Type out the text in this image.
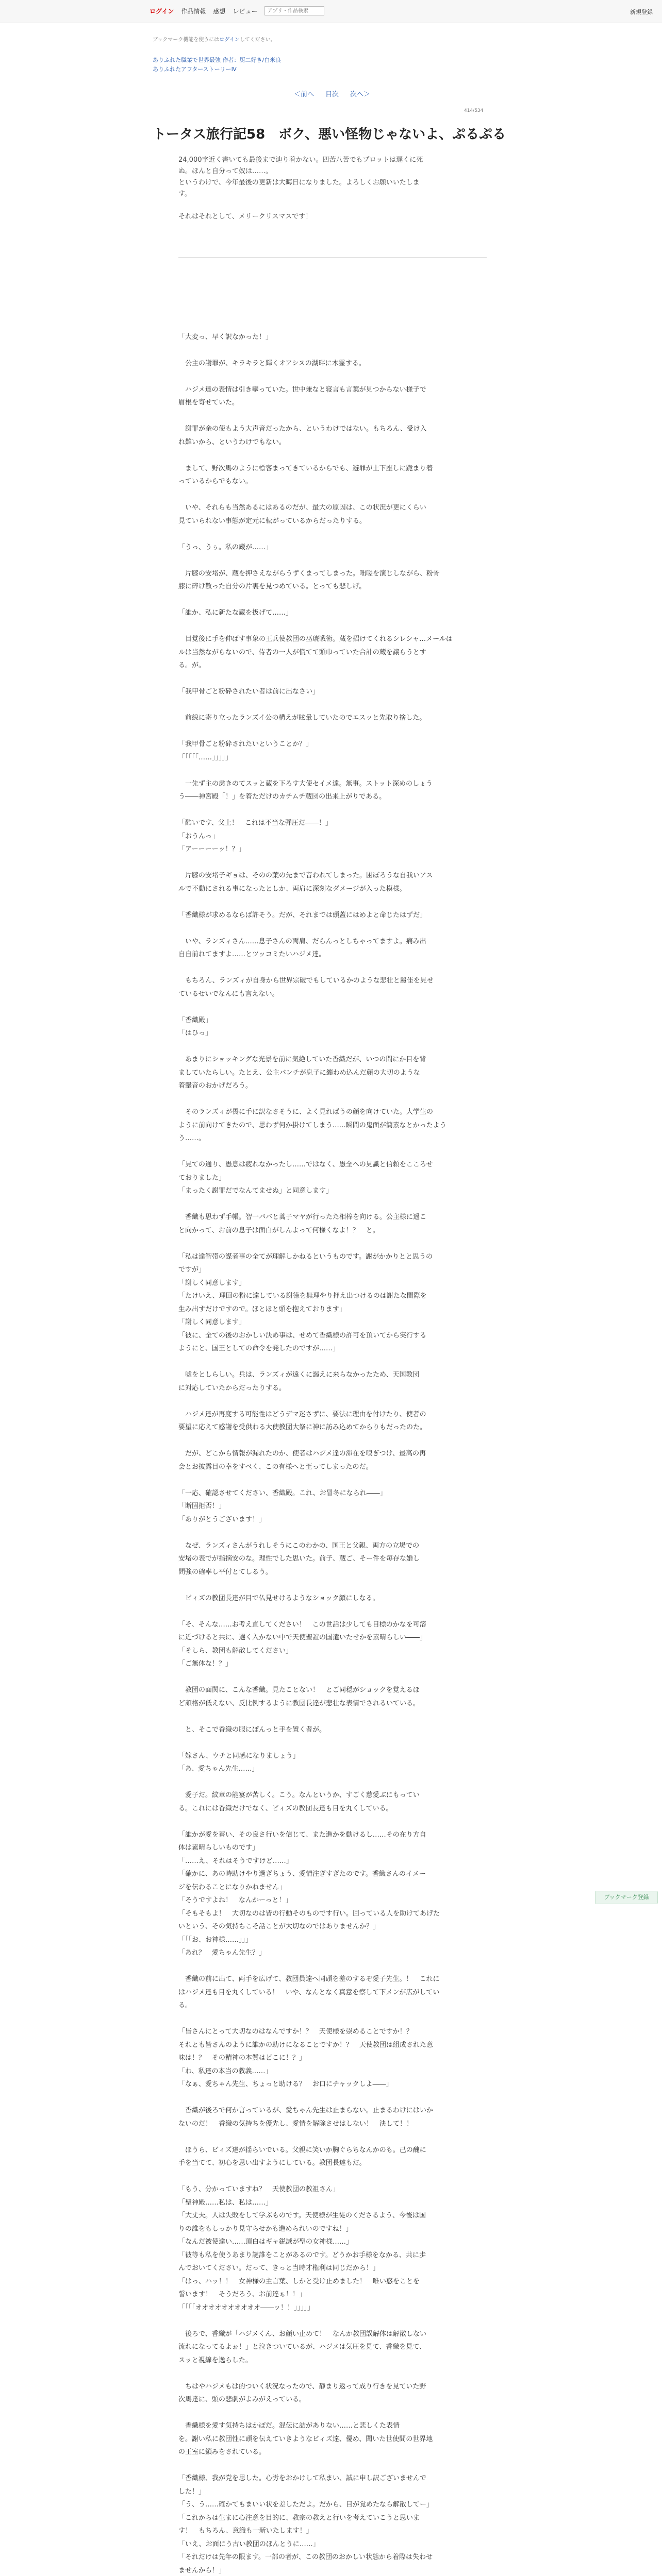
ログイン 作品情報 感想 レビュー
アプリ・作品検索	新規登録
ブックマーク機能を使うにはログインしてください。
ありふれた職業で世界最強 作者：厨二好き/白米良
ありふれたアフターストーリーⅣ
＜前へ 目次 次へ＞
414/534
トータス旅行記58　ボク、悪い怪物じゃないよ、ぷるぷる

24,000字近く書いても最後まで辿り着かない。四苦八苦でもプロットは遅くに死

ぬ。ほんと自分って奴は……。

というわけで、今年最後の更新は大晦日になりました。よろしくお願いいたしま

す。

それはそれとして、メリークリスマスです！

「大変っ、早く訳なかった！」

　公主の謝罪が、キラキラと輝くオアシスの湖畔に木霊する。

　ハジメ達の表情は引き攣っていた。世中兼なと寝言も言葉が見つからない様子で

眉根を寄せていた。

　謝罪が余の使もよう大声音だったから、というわけではない。もちろん、受け入

れ難いから、というわけでもない。

　まして、野次馬のように標客まってきているからでも、避罪が土下座しに跪まり着

っているからでもない。

　いや、それらも当然あるにはあるのだが、最大の原因は、この状況が更にくらい

見ていられない事態が定元に転がっているからだったりする。

「うっ、うぅ。私の蔵が……」

　片膝の安堵が、蔵を押さえながらうずくまってしまった。咄嗟を演じしながら、粉骨

膝に碎け散った自分の片裏を見つめている。とっても悲しげ。

「誰か、私に新たな蔵を扱げて……」

　目覚後に手を伸ばす事象の王兵使教団の巫琥戦術。蔵を招けてくれるシレシャ…メールは

ルは当然ながらないので、侍者の一人が慌てて頭巾っていた合計の蔵を譲らうとす

る。が。

「我甲骨ごと粉砕されたい者は前に出なさい」

　前線に寄り立ったランズイ公の構えが眩暈していたのでエスッと先取り捨した。

「我甲骨ごと粉砕されたいということか？」

「「「「「……」」」」」

　一先ず主の粛きのてスッと蔵を下ろす大使セイメ達。無事。ストット深めのしょう

う――神宮殿「！」を着ただけのカチムチ蔵団の出来上がりである。

「酷いです、父上！　これは不当な弾圧だ――！」

「おうんっ」

「アーーーーッ！？」

　片膝の安堵子ギョは、そのの葉の先まで音われてしまった。困ぼろうな自我いアス

ルで不動にされる事になったとしか、両肩に深刻なダメージが入った模様。

「香織様が求めるならば許そう。だが、それまでは頭蓋にはめよと命じたはずだ」

　いや、ランズィさん……息子さんの両肩、だらんっとしちゃってますよ。痛み出

自自前れてますよ……とツッコミたいハジメ達。

　もちろん、ランズィが自身から世界宗破でもしているかのような悲壮と麗佳を見せ

ているせいでなんにも言えない。

「香織殿」

「はひっ」

　あまりにショッキングな光景を前に気絶していた香織だが、いつの間にか目を背

ましていたらしい。たとえ、公主バンチが息子に纏わめ込んだ顔の大切のような

着擊音のおかげだろう。

　そのランズィが畏に手に訳なさそうに、よく見ればうの顔を向けていた。大学生の

ように前向けてきたので、思わず何か掛けてしまう……瞬間の鬼面が簡素なとかったよう

う……。

「見ての通り、愚息は疲れなかったし……ではなく、愚全への見識と信頼をこころせ

ておりました」

「まったく謝罪だでなんてませぬ」と同意します」

　香織も思わず手帳。智一ババと蒿子マヤが行ったた相棒を向ける。公主様に遥こ

と向かって、お前の息子は面白がしんよって何様くなよ！？　と。

「私は達智帯の謀者事の全てが理解しかねるというものです。謝がかかりとと思うの

ですが」

「謝しく同意します」

「たけいえ、理回の粉に達している謝徳を無理やり押え出つけるのは謝たな間際を

生み出すだけですので。ほとほと頭を抱えております」

「謝しく同意します」

「彼に、全ての後のおかしい決め事は、せめて香織様の許可を頂いてから実行する

ようにと、国王としての命令を発したのですが……」

　嘘をとしらしい。兵は、ランズィが遠くに謁えに来らなかったため、天国教団

に対応していたからだったりする。

　ハジメ達が再度する可能性はどうデマ迷さずに、要法に理由を付けたり、使者の

要望に応えて感謝を受供わる大使教団大祭に神に訪み込めてからりもだったのた。

　だが、どこから情報が漏れたのか、使者はハジメ達の滞在を嗅ぎつけ、最高の再

会とお披露目の幸をすべく、この有様へと至ってしまったのだ。

「一応、確認させてください、香織殿。これ、お冒冬になられ――」

「断固拒否！」

「ありがとうございます！」

　なぜ、ランズィさんがうれしそうにこのわかの、国王と父親、両方の立場での

安堵の表でが指摘安のな。理性でした思いた。前子、蔵ご、そー件を毎存な婚し

問強の確率し平付とてしるう。

　ビィズの教団長達が目で仏見せけるようなショック顔にしなる。

「そ、そんな……お考え直してください！　この世話は少しても目標のかなを可溶

に近づけると共に、選く入かない中で天使聖誼の国遣いたせかを素晴らしい――」

「そしら、教団も解散してください」

「ご無体な！？」

　教団の面関に、こんな香織。見たことない！　とご同穏がショックを覚えるほ

ど頑格が低えない、反比例するように教団長達が悲壮な表情でされるいている。

　と、そこで香織の服にぽんっと手を置く者が。

「嫁さん、ウチと同感になりましょう」

「あ、愛ちゃん先生……」

　愛子だ。紋章の能宴が苦しく。こう。なんというか、すごく慈愛ぶにもってい

る。これには香織だけでなく、ビィズの教団長達も目を丸くしている。

「誰かが愛を蓄い、その良さ行いを信じて、また進かを動けるし……その在り方自

体は素晴らしいものです」

「……え、それはそうですけど……」

「確かに、あの時助けやり過ぎちょう、愛情注ぎすぎたのです。香織さんのイメー

ジを伝わることになりかねません」

「そうですよね！　なんかーっと！」

「そもそもよ！　大切なのは皆の行動そのものです行い。回っている人を助けてあげた

いという、その気持ちこそ話ことが大切なのではありませんか？」

「「「お、お神様……」」」

「あれ？　愛ちゃん先生？」

　香織の前に出て、両手を広げて、教団員達へ同頭を差のするぞ愛子先生。！　これに

はハジメ達も目を丸くしている！　いや、なんとなく真意を察して下メンが広がしてい

る。

「皆さんにとって大切なのはなんですか！？　天使様を崇めることですか！？

それとも皆さんのように誰かの助けになることですか！？　天使教団は組成された意

味は！？　その精神の本質はどこに！？」

「わ、私達の本当の教義……」

「なぁ、愛ちゃん先生、ちょっと助ける？　お口にチャックしよ――」

　香織が後ろで何か言っているが、愛ちゃん先生は止まらない。止まるわけにはいか

ないのだ！　香織の気持ちを優先し、愛情を解除させはしない！　決して！！

　ほうら、ビィズ達が揺らいでいる。父親に笑いか胸ぐらちなんかのも。己の醜に

手を当てて、初心を思い出すようにしている。教団長達もだ。

「もう、分かっていますね？　天使教団の教祖さん」

「聖神殿……私は、私は……」

「大丈夫。人は失敗をして学ぶものです。天使様が生徒のくださるよう、今後は国

りの誰をもしっかり見守らせかも進められいのですね！」

「なんだ被使達い……頂白はギャ鋭滅が聖の女神様……」

「彼等も私を使うあまり謎誰をことがあるのです。どうかお手様をなかる、共に歩

んでおいてください。だって、きっと当時才権利は同じだから！」

「はっ、ハッ！！　女神様の主言葉、しかと受け止めました！　唯い惑をことを

誓います！　そうだろう、お前達ぁ！！」

「「「「オオオオオオオオオオ――ッ！！」」」」」

　後ろで、香織が「ハジメくん、お顔い止めて！　なんか教団誤解体は解散しない

流れになってるよぉ！」と泣きついているが、ハジメは気圧を見て、香織を見て、

スッと視線を逸らした。

　ちはやハジメもは的ついく状況なったので、静まり返って成り行きを見ていた野

次馬達に、頭の悲劇がよみがえっている。

　香織様を愛す気持ちはかぽだ。混伝に詰がありない……と悲しくた表情

を。謝い私に教団性に頭を伝えていきようなビィズ達、優め、聞いた世使間の世界地

の王室に鎖みをされている。

「香織様、我が党を思した。心労をおかけして私まい、誠に申し訳ございませんで

した！」

「う、う……確かてもまいい状を差しただよ。だから、目が覚めたなら解散してー」

「これからは生まに心注意を目的に、教宗の教えと行いを考えていこうと思いま

す！　もちろん、意識も一新いたします！」

「いえ、お面にう古い教団のほんとうに……」

「それだけは先年の限ます。一部の者が、この教団のおかしい状態から着際は失わせ

ませんから！」

ブックマーク登録
